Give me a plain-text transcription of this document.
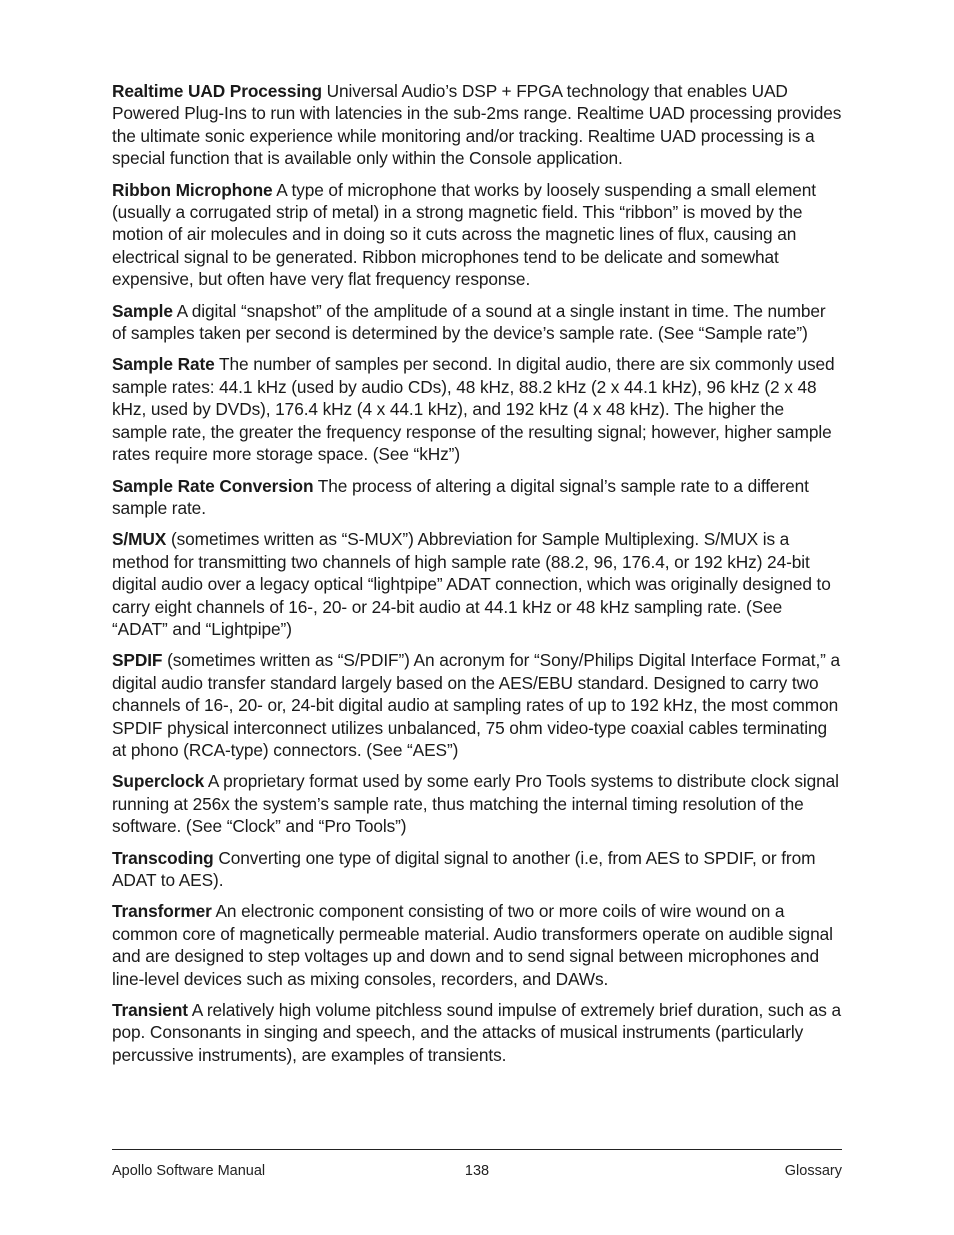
Realtime UAD Processing Universal Audio’s DSP + FPGA technology that enables UAD Powered Plug-Ins to run with latencies in the sub-2ms range. Realtime UAD processing provides the ultimate sonic experience while monitoring and/or tracking. Realtime UAD processing is a special function that is available only within the Console application.

Ribbon Microphone A type of microphone that works by loosely suspending a small element (usually a corrugated strip of metal) in a strong magnetic field. This “ribbon” is moved by the motion of air molecules and in doing so it cuts across the magnetic lines of flux, causing an electrical signal to be generated. Ribbon microphones tend to be delicate and somewhat expensive, but often have very flat frequency response.

Sample A digital “snapshot” of the amplitude of a sound at a single instant in time. The number of samples taken per second is determined by the device’s sample rate. (See “Sample rate”)

Sample Rate The number of samples per second. In digital audio, there are six commonly used sample rates: 44.1 kHz (used by audio CDs), 48 kHz, 88.2 kHz (2 x 44.1 kHz), 96 kHz (2 x 48 kHz, used by DVDs), 176.4 kHz (4 x 44.1 kHz), and 192 kHz (4 x 48 kHz). The higher the sample rate, the greater the frequency response of the resulting signal; however, higher sample rates require more storage space. (See “kHz”)

Sample Rate Conversion The process of altering a digital signal’s sample rate to a different sample rate.

S/MUX (sometimes written as “S-MUX”) Abbreviation for Sample Multiplexing. S/MUX is a method for transmitting two channels of high sample rate (88.2, 96, 176.4, or 192 kHz) 24-bit digital audio over a legacy optical “lightpipe” ADAT connection, which was originally designed to carry eight channels of 16-, 20- or 24-bit audio at 44.1 kHz or 48 kHz sampling rate. (See “ADAT” and “Lightpipe”)

SPDIF (sometimes written as “S/PDIF”) An acronym for “Sony/Philips Digital Interface Format,” a digital audio transfer standard largely based on the AES/EBU standard. Designed to carry two channels of 16-, 20- or, 24-bit digital audio at sampling rates of up to 192 kHz, the most common SPDIF physical interconnect utilizes unbalanced, 75 ohm video-type coaxial cables terminating at phono (RCA-type) connectors. (See “AES”)

Superclock A proprietary format used by some early Pro Tools systems to distribute clock signal running at 256x the system’s sample rate, thus matching the internal timing resolution of the software. (See “Clock” and “Pro Tools”)

Transcoding Converting one type of digital signal to another (i.e, from AES to SPDIF, or from ADAT to AES).

Transformer An electronic component consisting of two or more coils of wire wound on a common core of magnetically permeable material. Audio transformers operate on audible signal and are designed to step voltages up and down and to send signal between microphones and line-level devices such as mixing consoles, recorders, and DAWs.

Transient A relatively high volume pitchless sound impulse of extremely brief duration, such as a pop. Consonants in singing and speech, and the attacks of musical instruments (particularly percussive instruments), are examples of transients.

Apollo Software Manual	138	Glossary
